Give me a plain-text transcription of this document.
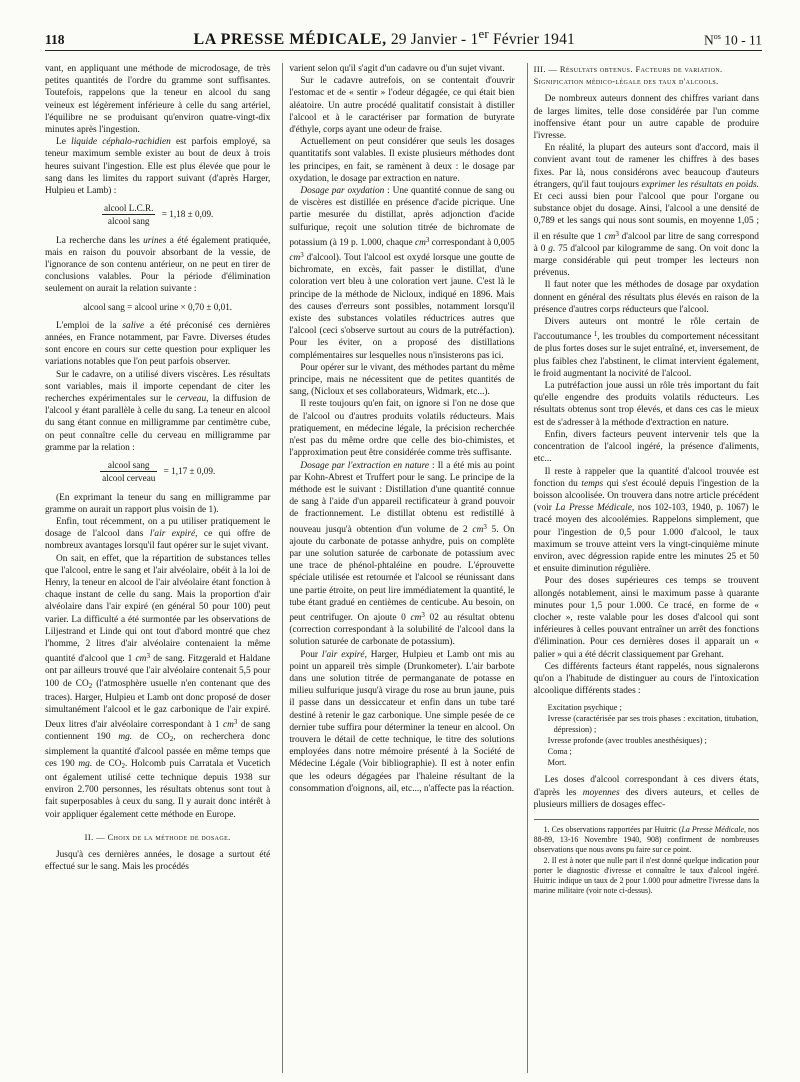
118	LA PRESSE MÉDICALE, 29 Janvier - 1er Février 1941	$N^{os}$ 10 - 11

vant, en appliquant une méthode de microdosage, de très petites quantités de l'ordre du gramme sont suffisantes. Toutefois, rappelons que la teneur en alcool du sang veineux est légèrement inférieure à celle du sang artériel, l'équilibre ne se produisant qu'environ quatre-vingt-dix minutes après l'ingestion.

Le liquide céphalo-rachidien est parfois employé, sa teneur maximum semble exister au bout de deux à trois heures suivant l'ingestion. Elle est plus élevée que pour le sang dans les limites du rapport suivant (d'après Harger, Hulpieu et Lamb) :

$\frac{\text{alcool L.C.R.}}{\text{alcool sang}} = 1,18 \pm 0,09$.

La recherche dans les urines a été également pratiquée, mais en raison du pouvoir absorbant de la vessie, de l'ignorance de son contenu antérieur, on ne peut en tirer de conclusions valables. Pour la période d'élimination seulement on aurait la relation suivante :

alcool sang = alcool urine × 0,70 ± 0,01.

L'emploi de la salive a été préconisé ces dernières années, en France notamment, par Favre. Diverses études sont encore en cours sur cette question pour expliquer les variations notables que l'on peut parfois observer.

Sur le cadavre, on a utilisé divers viscères. Les résultats sont variables, mais il importe cependant de citer les recherches expérimentales sur le cerveau, la diffusion de l'alcool y étant parallèle à celle du sang. La teneur en alcool du sang étant connue en milligramme par centimètre cube, on peut connaître celle du cerveau en milligramme par gramme par la relation :

$\frac{\text{alcool sang}}{\text{alcool cerveau}} = 1,17 \pm 0,09$.

(En exprimant la teneur du sang en milligramme par gramme on aurait un rapport plus voisin de 1).

Enfin, tout récemment, on a pu utiliser pratiquement le dosage de l'alcool dans l'air expiré, ce qui offre de nombreux avantages lorsqu'il faut opérer sur le sujet vivant.

On sait, en effet, que la répartition de substances telles que l'alcool, entre le sang et l'air alvéolaire, obéit à la loi de Henry, la teneur en alcool de l'air alvéolaire étant fonction à chaque instant de celle du sang. Mais la proportion d'air alvéolaire dans l'air expiré (en général 50 pour 100) peut varier. La difficulté a été surmontée par les observations de Liljestrand et Linde qui ont tout d'abord montré que chez l'homme, 2 litres d'air alvéolaire contenaient la même quantité d'alcool que 1 $cm^3$ de sang. Fitzgerald et Haldane ont par ailleurs trouvé que l'air alvéolaire contenait 5,5 pour 100 de $CO_2$ (l'atmosphère usuelle n'en contenant que des traces). Harger, Hulpieu et Lamb ont donc proposé de doser simultanément l'alcool et le gaz carbonique de l'air expiré. Deux litres d'air alvéolaire correspondant à 1 $cm^3$ de sang contiennent 190 mg. de $CO_2$, on recherchera donc simplement la quantité d'alcool passée en même temps que ces 190 mg. de $CO_2$. Holcomb puis Carratala et Vucetich ont également utilisé cette technique depuis 1938 sur environ 2.700 personnes, les résultats obtenus sont tout à fait superposables à ceux du sang. Il y aurait donc intérêt à voir appliquer également cette méthode en Europe.

II. — Choix de la méthode de dosage.

Jusqu'à ces dernières années, le dosage a surtout été effectué sur le sang. Mais les procédés

varient selon qu'il s'agit d'un cadavre ou d'un sujet vivant.

Sur le cadavre autrefois, on se contentait d'ouvrir l'estomac et de « sentir » l'odeur dégagée, ce qui était bien aléatoire. Un autre procédé qualitatif consistait à distiller l'alcool et à le caractériser par formation de butyrate d'éthyle, corps ayant une odeur de fraise.

Actuellement on peut considérer que seuls les dosages quantitatifs sont valables. Il existe plusieurs méthodes dont les principes, en fait, se ramènent à deux : le dosage par oxydation, le dosage par extraction en nature.

Dosage par oxydation : Une quantité connue de sang ou de viscères est distillée en présence d'acide picrique. Une partie mesurée du distillat, après adjonction d'acide sulfurique, reçoit une solution titrée de bichromate de potassium (à 19 p. 1.000, chaque $cm^3$ correspondant à 0,005 $cm^3$ d'alcool). Tout l'alcool est oxydé lorsque une goutte de bichromate, en excès, fait passer le distillat, d'une coloration vert bleu à une coloration vert jaune. C'est là le principe de la méthode de Nicloux, indiqué en 1896. Mais des causes d'erreurs sont possibles, notamment lorsqu'il existe des substances volatiles réductrices autres que l'alcool (ceci s'observe surtout au cours de la putréfaction). Pour les éviter, on a proposé des distillations complémentaires sur lesquelles nous n'insisterons pas ici.

Pour opérer sur le vivant, des méthodes partant du même principe, mais ne nécessitent que de petites quantités de sang, (Nicloux et ses collaborateurs, Widmark, etc...).

Il reste toujours qu'en fait, on ignore si l'on ne dose que de l'alcool ou d'autres produits volatils réducteurs. Mais pratiquement, en médecine légale, la précision recherchée n'est pas du même ordre que celle des bio-chimistes, et l'approximation peut être considérée comme très suffisante.

Dosage par l'extraction en nature : Il a été mis au point par Kohn-Abrest et Truffert pour le sang. Le principe de la méthode est le suivant : Distillation d'une quantité connue de sang à l'aide d'un appareil rectificateur à grand pouvoir de fractionnement. Le distillat obtenu est redistillé à nouveau jusqu'à obtention d'un volume de 2 $cm^3$ 5. On ajoute du carbonate de potasse anhydre, puis on complète par une solution saturée de carbonate de potassium avec une trace de phénol-phtaléine en poudre. L'éprouvette spéciale utilisée est retournée et l'alcool se réunissant dans une partie étroite, on peut lire immédiatement la quantité, le tube étant gradué en centièmes de centicube. Au besoin, on peut centrifuger. On ajoute 0 $cm^3$ 02 au résultat obtenu (correction correspondant à la solubilité de l'alcool dans la solution saturée de carbonate de potassium).

Pour l'air expiré, Harger, Hulpieu et Lamb ont mis au point un appareil très simple (Drunkometer). L'air barbote dans une solution titrée de permanganate de potasse en milieu sulfurique jusqu'à virage du rose au brun jaune, puis il passe dans un dessiccateur et enfin dans un tube taré destiné à retenir le gaz carbonique. Une simple pesée de ce dernier tube suffira pour déterminer la teneur en alcool. On trouvera le détail de cette technique, le titre des solutions employées dans notre mémoire présenté à la Société de Médecine Légale (Voir bibliographie). Il est à noter enfin que les odeurs dégagées par l'haleine résultant de la consommation d'oignons, ail, etc..., n'affecte pas la réaction.

III. — Résultats obtenus. Facteurs de variation. Signification médico-légale des taux d'alcools.

De nombreux auteurs donnent des chiffres variant dans de larges limites, telle dose considérée par l'un comme inoffensive étant pour un autre capable de produire l'ivresse.

En réalité, la plupart des auteurs sont d'accord, mais il convient avant tout de ramener les chiffres à des bases fixes. Par là, nous considérons avec beaucoup d'auteurs étrangers, qu'il faut toujours exprimer les résultats en poids. Et ceci aussi bien pour l'alcool que pour l'organe ou substance objet du dosage. Ainsi, l'alcool a une densité de 0,789 et les sangs qui nous sont soumis, en moyenne 1,05 ; il en résulte que 1 $cm^3$ d'alcool par litre de sang correspond à 0 g. 75 d'alcool par kilogramme de sang. On voit donc la marge considérable qui peut tromper les lecteurs non prévenus.

Il faut noter que les méthodes de dosage par oxydation donnent en général des résultats plus élevés en raison de la présence d'autres corps réducteurs que l'alcool.

Divers auteurs ont montré le rôle certain de l'accoutumance $^1$, les troubles du comportement nécessitant de plus fortes doses sur le sujet entraîné, et, inversement, de plus faibles chez l'abstinent, le climat intervient également, le froid augmentant la nocivité de l'alcool.

La putréfaction joue aussi un rôle très important du fait qu'elle engendre des produits volatils réducteurs. Les résultats obtenus sont trop élevés, et dans ces cas le mieux est de s'adresser à la méthode d'extraction en nature.

Enfin, divers facteurs peuvent intervenir tels que la concentration de l'alcool ingéré, la présence d'aliments, etc...

Il reste à rappeler que la quantité d'alcool trouvée est fonction du temps qui s'est écoulé depuis l'ingestion de la boisson alcoolisée. On trouvera dans notre article précédent (voir La Presse Médicale, nos 102-103, 1940, p. 1067) le tracé moyen des alcoolémies. Rappelons simplement, que pour l'ingestion de 0,5 pour 1.000 d'alcool, le taux maximum se trouve atteint vers la vingt-cinquième minute environ, avec dégression rapide entre les minutes 25 et 50 et ensuite diminution régulière.

Pour des doses supérieures ces temps se trouvent allongés notablement, ainsi le maximum passe à quarante minutes pour 1,5 pour 1.000. Ce tracé, en forme de « clocher », reste valable pour les doses d'alcool qui sont inférieures à celles pouvant entraîner un arrêt des fonctions d'élimination. Pour ces dernières doses il apparait un « palier » qui a été décrit classiquement par Grehant.

Ces différents facteurs étant rappelés, nous signalerons qu'on a l'habitude de distinguer au cours de l'intoxication alcoolique différents stades :

Excitation psychique ;
Ivresse (caractérisée par ses trois phases : excitation, titubation, dépression) ;
Ivresse profonde (avec troubles anesthésiques) ;
Coma ;
Mort.

Les doses d'alcool correspondant à ces divers états, d'après les moyennes des divers auteurs, et celles de plusieurs milliers de dosages effec-

1. Ces observations rapportées par Huitric (La Presse Médicale, nos 88-89, 13-16 Novembre 1940, 908) confirment de nombreuses observations que nous avons pu faire sur ce point.

2. Il est à noter que nulle part il n'est donné quelque indication pour porter le diagnostic d'ivresse et connaître le taux d'alcool ingéré. Huitric indique un taux de 2 pour 1.000 pour admettre l'ivresse dans la marine militaire (voir note ci-dessus).
